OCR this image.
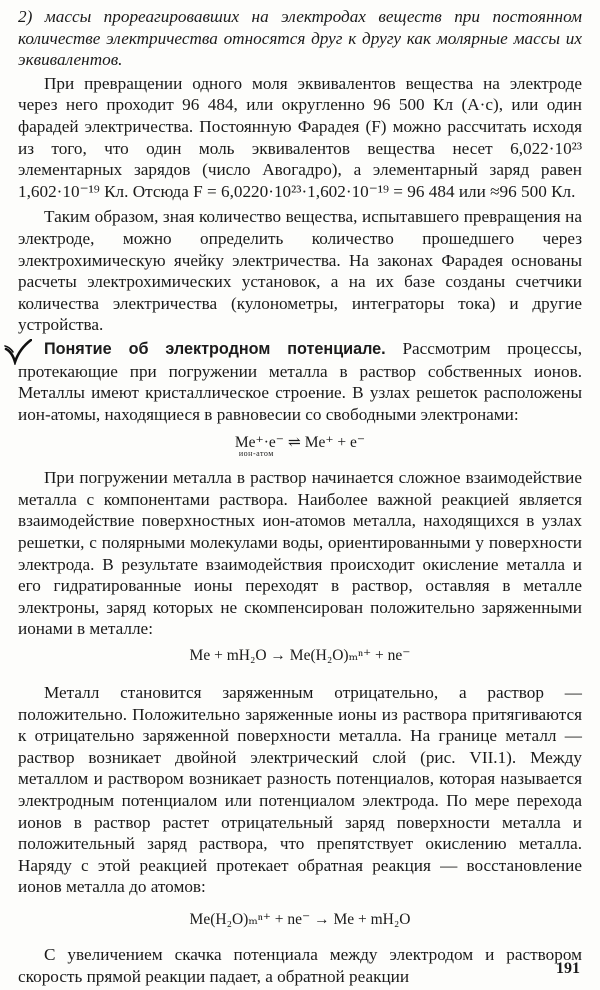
2) массы прореагировавших на электродах веществ при постоянном количестве электричества относятся друг к другу как молярные массы их эквивалентов.

При превращении одного моля эквивалентов вещества на электроде через него проходит 96 484, или округленно 96 500 Кл (А·с), или один фарадей электричества. Постоянную Фарадея (F) можно рассчитать исходя из того, что один моль эквивалентов вещества несет 6,022·10²³ элементарных зарядов (число Авогадро), а элементарный заряд равен 1,602·10⁻¹⁹ Кл. Отсюда F = 6,0220·10²³·1,602·10⁻¹⁹ = 96 484 или ≈96 500 Кл.

Таким образом, зная количество вещества, испытавшего превращения на электроде, можно определить количество прошедшего через электрохимическую ячейку электричества. На законах Фарадея основаны расчеты электрохимических установок, а на их базе созданы счетчики количества электричества (кулонометры, интеграторы тока) и другие устройства.

Понятие об электродном потенциале. Рассмотрим процессы, протекающие при погружении металла в раствор собственных ионов. Металлы имеют кристаллическое строение. В узлах решеток расположены ион-атомы, находящиеся в равновесии со свободными электронами:

Me⁺·e⁻ ⇌ Me⁺ + e⁻
ион-атом

При погружении металла в раствор начинается сложное взаимодействие металла с компонентами раствора. Наиболее важной реакцией является взаимодействие поверхностных ион-атомов металла, находящихся в узлах решетки, с полярными молекулами воды, ориентированными у поверхности электрода. В результате взаимодействия происходит окисление металла и его гидратированные ионы переходят в раствор, оставляя в металле электроны, заряд которых не скомпенсирован положительно заряженными ионами в металле:

Me + mH₂O → Me(H₂O)ₘⁿ⁺ + ne⁻

Металл становится заряженным отрицательно, а раствор — положительно. Положительно заряженные ионы из раствора притягиваются к отрицательно заряженной поверхности металла. На границе металл — раствор возникает двойной электрический слой (рис. VII.1). Между металлом и раствором возникает разность потенциалов, которая называется электродным потенциалом или потенциалом электрода. По мере перехода ионов в раствор растет отрицательный заряд поверхности металла и положительный заряд раствора, что препятствует окислению металла. Наряду с этой реакцией протекает обратная реакция — восстановление ионов металла до атомов:

Me(H₂O)ₘⁿ⁺ + ne⁻ → Me + mH₂O

С увеличением скачка потенциала между электродом и раствором скорость прямой реакции падает, а обратной реакции	191
